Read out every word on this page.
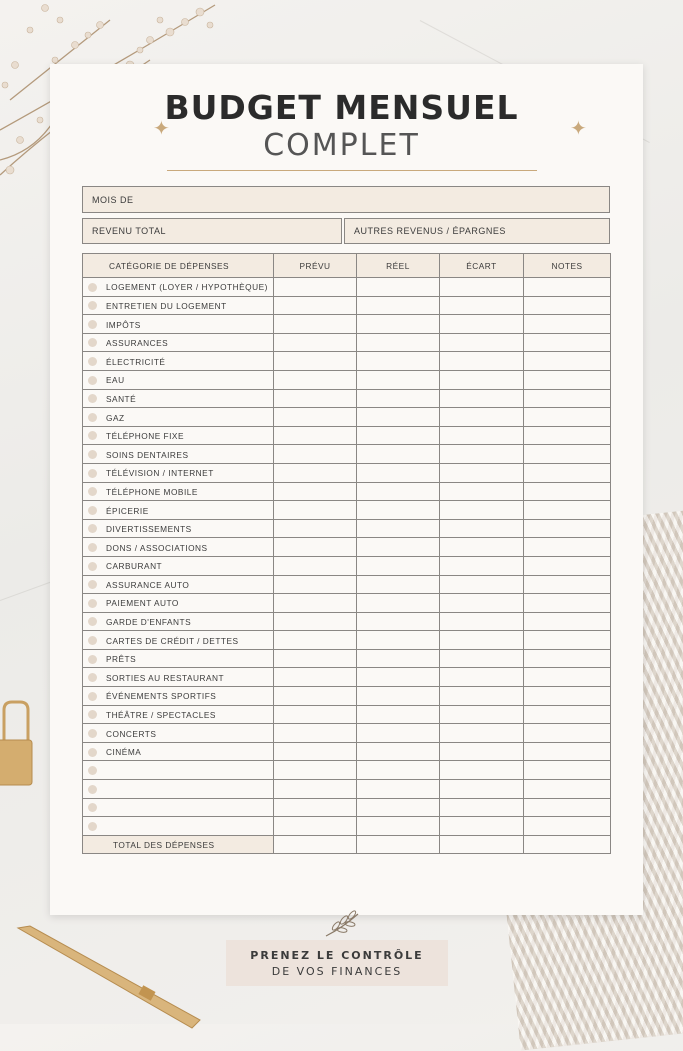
BUDGET MENSUEL
COMPLET
✦	✦
MOIS DE
REVENU TOTAL	AUTRES REVENUS / ÉPARGNES
CATÉGORIE DE DÉPENSES	PRÉVU	RÉEL	ÉCART	NOTES
LOGEMENT (LOYER / HYPOTHÈQUE)				
ENTRETIEN DU LOGEMENT				
IMPÔTS				
ASSURANCES				
ÉLECTRICITÉ				
EAU				
SANTÉ				
GAZ				
TÉLÉPHONE FIXE				
SOINS DENTAIRES				
TÉLÉVISION / INTERNET				
TÉLÉPHONE MOBILE				
ÉPICERIE				
DIVERTISSEMENTS				
DONS / ASSOCIATIONS				
CARBURANT				
ASSURANCE AUTO				
PAIEMENT AUTO				
GARDE D'ENFANTS				
CARTES DE CRÉDIT / DETTES				
PRÊTS				
SORTIES AU RESTAURANT				
ÉVÉNEMENTS SPORTIFS				
THÉÂTRE / SPECTACLES				
CONCERTS				
CINÉMA				

TOTAL DES DÉPENSES				
PRENEZ LE CONTRÔLE
DE VOS FINANCES
